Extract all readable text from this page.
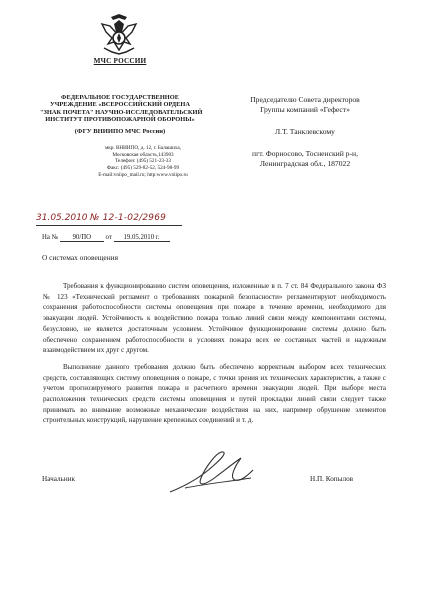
МЧС РОССИИ
ФЕДЕРАЛЬНОЕ ГОСУДАРСТВЕННОЕ
УЧРЕЖДЕНИЕ «ВСЕРОССИЙСКИЙ ОРДЕНА
"ЗНАК ПОЧЕТА" НАУЧНО-ИССЛЕДОВАТЕЛЬСКИЙ
ИНСТИТУТ ПРОТИВОПОЖАРНОЙ ОБОРОНЫ»
(ФГУ ВНИИПО МЧС России)
мкр. ВНИИПО, д. 12, г. Балашиха,
Московская область,143903
Телефон: (495) 521-23-33
Факс: (495) 529-82-52, 524-98-99
E-mail:vniipo_mail.ru; http:www.vniipo.ru
31.05.2010 № 12-1-02/2969
На № 90/ПО от 19.05.2010 г.
О системах оповещения
Председателю Совета директоров
Группы компаний «Гефест»
Л.Т. Танклевскому
пгт. Форносово, Тосненский р-н,
Ленинградская обл., 187022

Требования к функционированию систем оповещения, изложенные в п. 7 ст. 84 Федерального закона ФЗ № 123 «Технический регламент о требованиях пожарной безопасности» регламентируют необходимость сохранения работоспособности системы оповещения при пожаре в течение времени, необходимого для эвакуации людей. Устойчивость к воздействию пожара только линий связи между компонентами системы, безусловно, не является достаточным условием. Устойчивое функционирование системы должно быть обеспечено сохранением работоспособности в условиях пожара всех ее составных частей и надежным взаимодействием их друг с другом.

Выполнение данного требования должно быть обеспечено корректным выбором всех технических средств, составляющих систему оповещения о пожаре, с точки зрения их технических характеристик, а также с учетом прогнозируемого развития пожара и расчетного времени эвакуации людей. При выборе места расположения технических средств системы оповещения и путей прокладки линий связи следует также принимать во внимание возможные механические воздействия на них, например обрушение элементов строительных конструкций, нарушение крепежных соединений и т. д.

Начальник	Н.П. Копылов
